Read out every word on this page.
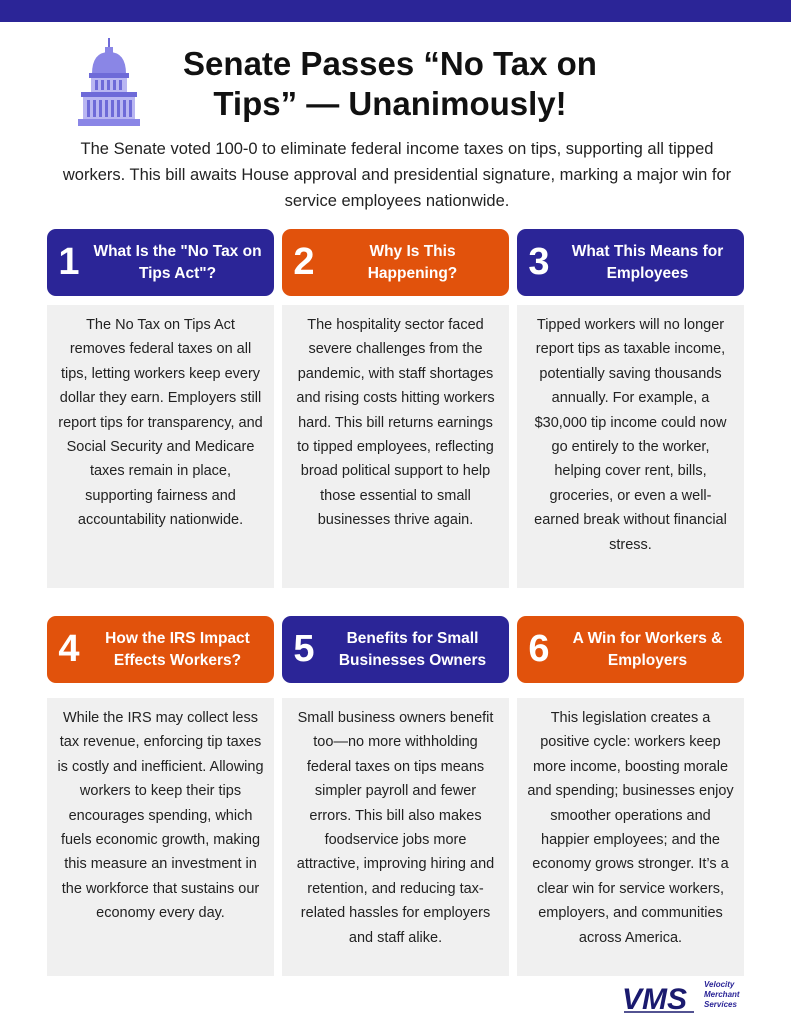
Senate Passes “No Tax on Tips” — Unanimously!
The Senate voted 100-0 to eliminate federal income taxes on tips, supporting all tipped workers. This bill awaits House approval and presidential signature, marking a major win for service employees nationwide.
1 What Is the "No Tax on Tips Act"?
The No Tax on Tips Act removes federal taxes on all tips, letting workers keep every dollar they earn. Employers still report tips for transparency, and Social Security and Medicare taxes remain in place, supporting fairness and accountability nationwide.
2	Why Is This Happening?
The hospitality sector faced severe challenges from the pandemic, with staff shortages and rising costs hitting workers hard. This bill returns earnings to tipped employees, reflecting broad political support to help those essential to small businesses thrive again.
3	What This Means for Employees
Tipped workers will no longer report tips as taxable income, potentially saving thousands annually. For example, a $30,000 tip income could now go entirely to the worker, helping cover rent, bills, groceries, or even a well-earned break without financial stress.
4	How the IRS Impact Effects Workers?
While the IRS may collect less tax revenue, enforcing tip taxes is costly and inefficient. Allowing workers to keep their tips encourages spending, which fuels economic growth, making this measure an investment in the workforce that sustains our economy every day.
5	Benefits for Small Businesses Owners
Small business owners benefit too—no more withholding federal taxes on tips means simpler payroll and fewer errors. This bill also makes foodservice jobs more attractive, improving hiring and retention, and reducing tax-related hassles for employers and staff alike.
6	A Win for Workers & Employers
This legislation creates a positive cycle: workers keep more income, boosting morale and spending; businesses enjoy smoother operations and happier employees; and the economy grows stronger. It’s a clear win for service workers, employers, and communities across America.
VMS Velocity
Merchant
Services
